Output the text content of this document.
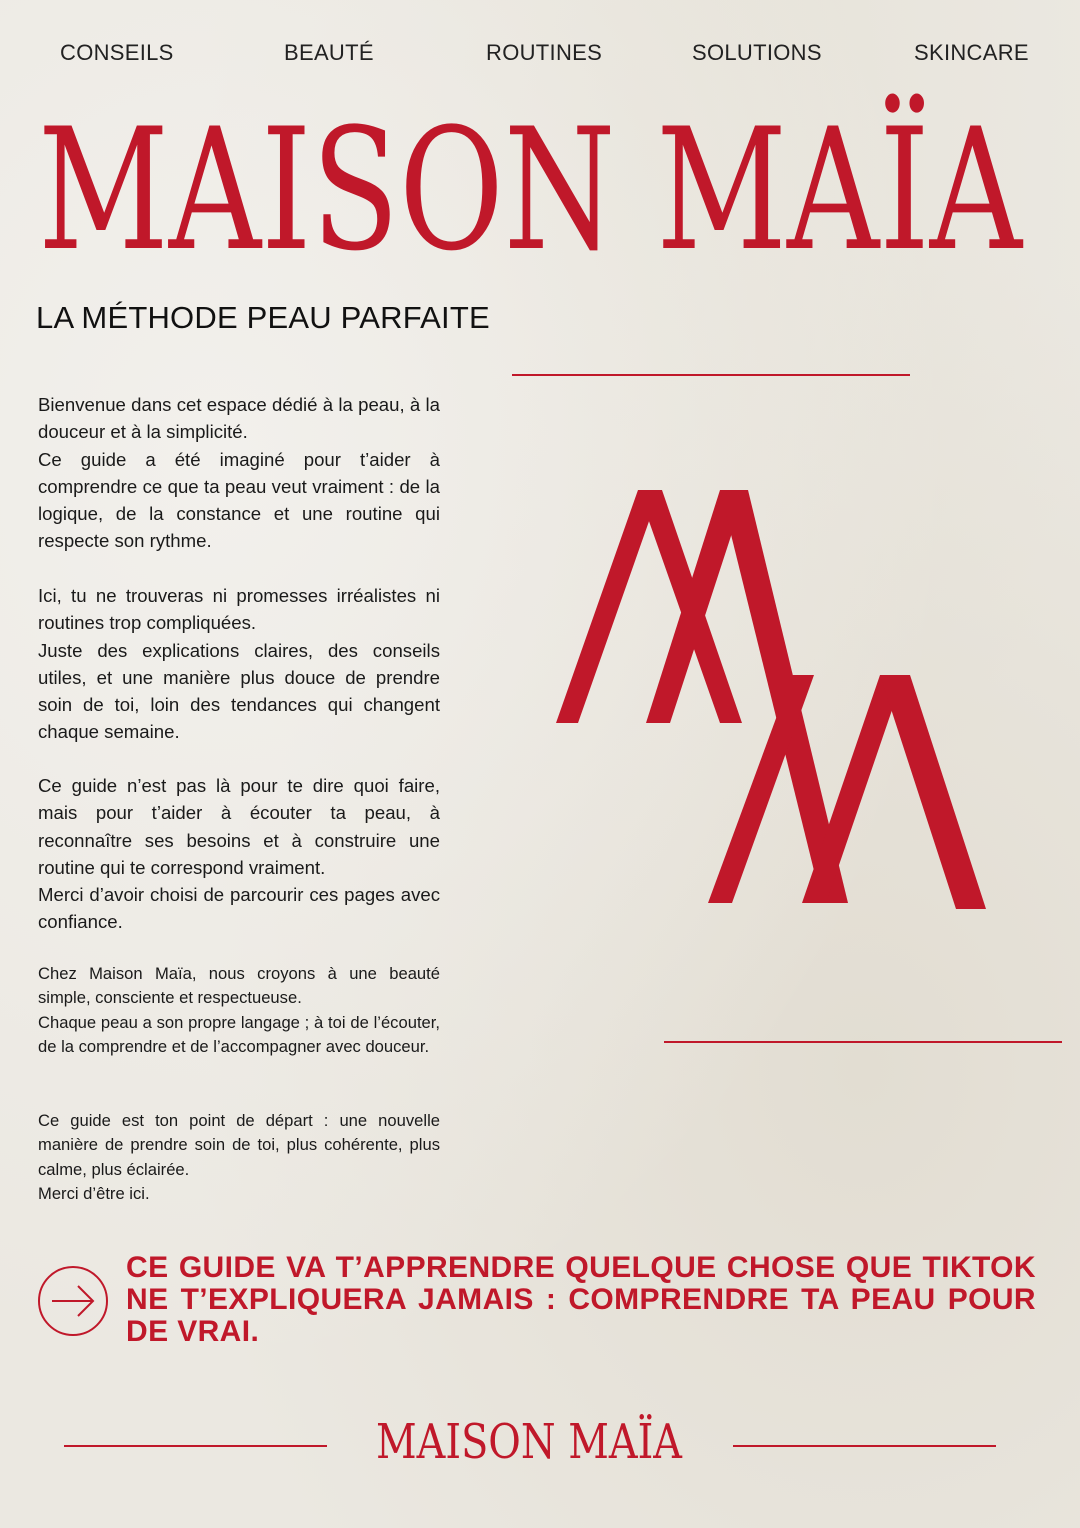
CONSEILS	BEAUTÉ	ROUTINES	SOLUTIONS	SKINCARE
MAISON MAÏA
LA MÉTHODE PEAU PARFAITE

Bienvenue dans cet espace dédié à la peau, à la douceur et à la simplicité.

Ce guide a été imaginé pour t’aider à comprendre ce que ta peau veut vraiment : de la logique, de la constance et une routine qui respecte son rythme.

Ici, tu ne trouveras ni promesses irréalistes ni routines trop compliquées.

Juste des explications claires, des conseils utiles, et une manière plus douce de prendre soin de toi, loin des tendances qui changent chaque semaine.

Ce guide n’est pas là pour te dire quoi faire, mais pour t’aider à écouter ta peau, à reconnaître ses besoins et à construire une routine qui te correspond vraiment.

Merci d’avoir choisi de parcourir ces pages avec confiance.

Chez Maison Maïa, nous croyons à une beauté simple, consciente et respectueuse.

Chaque peau a son propre langage ; à toi de l’écouter, de la comprendre et de l’accompagner avec douceur.

Ce guide est ton point de départ : une nouvelle manière de prendre soin de toi, plus cohérente, plus calme, plus éclairée.

Merci d’être ici.

CE GUIDE VA T’APPRENDRE QUELQUE CHOSE QUE TIKTOK NE T’EXPLIQUERA JAMAIS : COMPRENDRE TA PEAU POUR DE VRAI.
MAISON MAÏA
